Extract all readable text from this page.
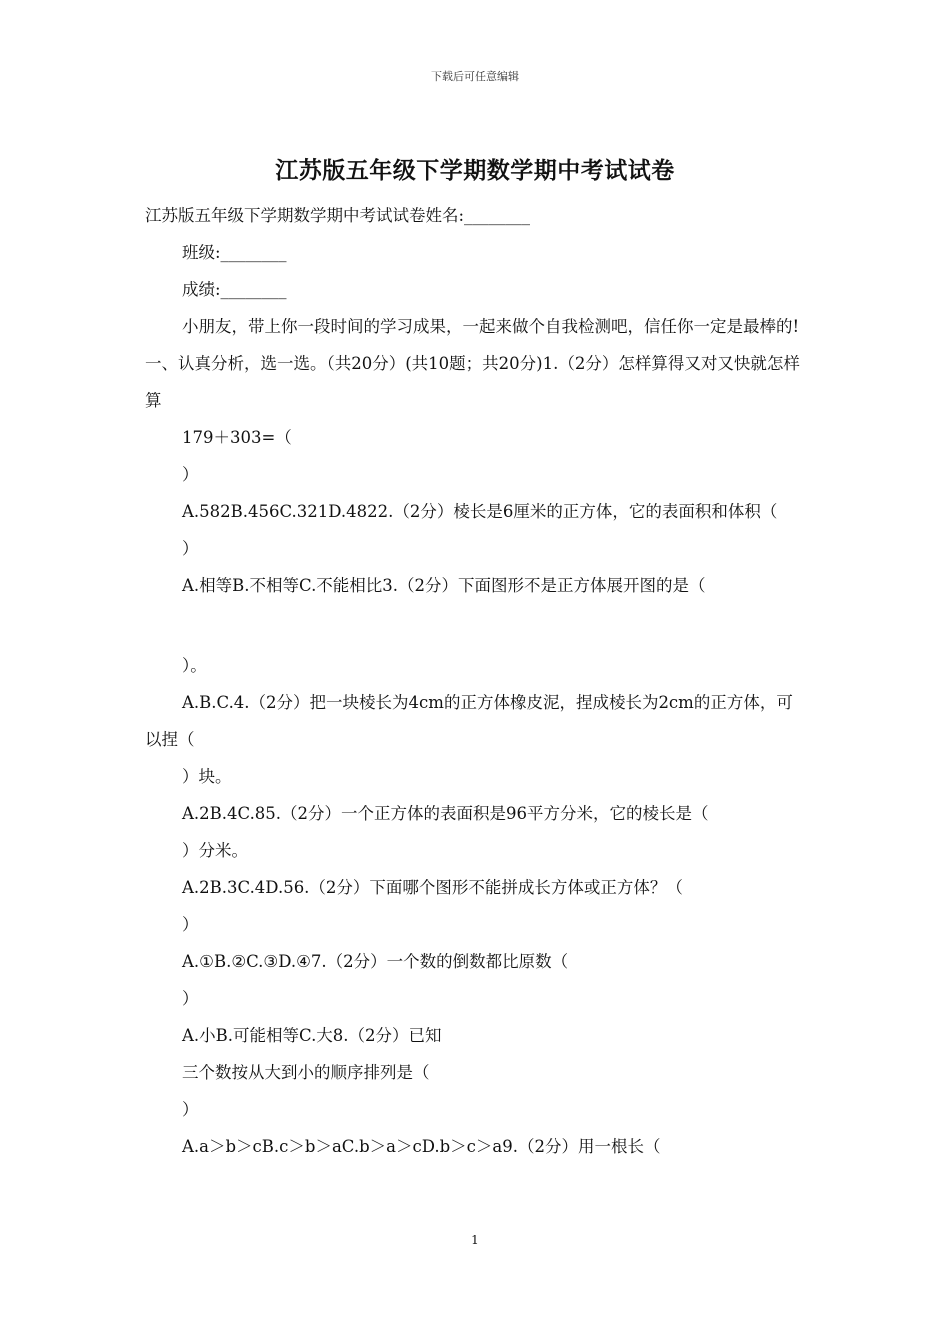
下载后可任意编辑
江苏版五年级下学期数学期中考试试卷

江苏版五年级下学期数学期中考试试卷姓名:________

班级:________

成绩:________

小朋友，带上你一段时间的学习成果，一起来做个自我检测吧，信任你一定是最棒的!一、认真分析，选一选。（共20分）(共10题；共20分)1.（2分）怎样算得又对又快就怎样算

179＋303=（

）

A.582B.456C.321D.4822.（2分）棱长是6厘米的正方体，它的表面积和体积（

）

A.相等B.不相等C.不能相比3.（2分）下面图形不是正方体展开图的是（

）。

A.B.C.4.（2分）把一块棱长为4cm的正方体橡皮泥，捏成棱长为2cm的正方体，可以捏（

）块。

A.2B.4C.85.（2分）一个正方体的表面积是96平方分米，它的棱长是（

）分米。

A.2B.3C.4D.56.（2分）下面哪个图形不能拼成长方体或正方体？（

）

A.①B.②C.③D.④7.（2分）一个数的倒数都比原数（

）

A.小B.可能相等C.大8.（2分）已知

三个数按从大到小的顺序排列是（

）

A.a＞b＞cB.c＞b＞aC.b＞a＞cD.b＞c＞a9.（2分）用一根长（

1
